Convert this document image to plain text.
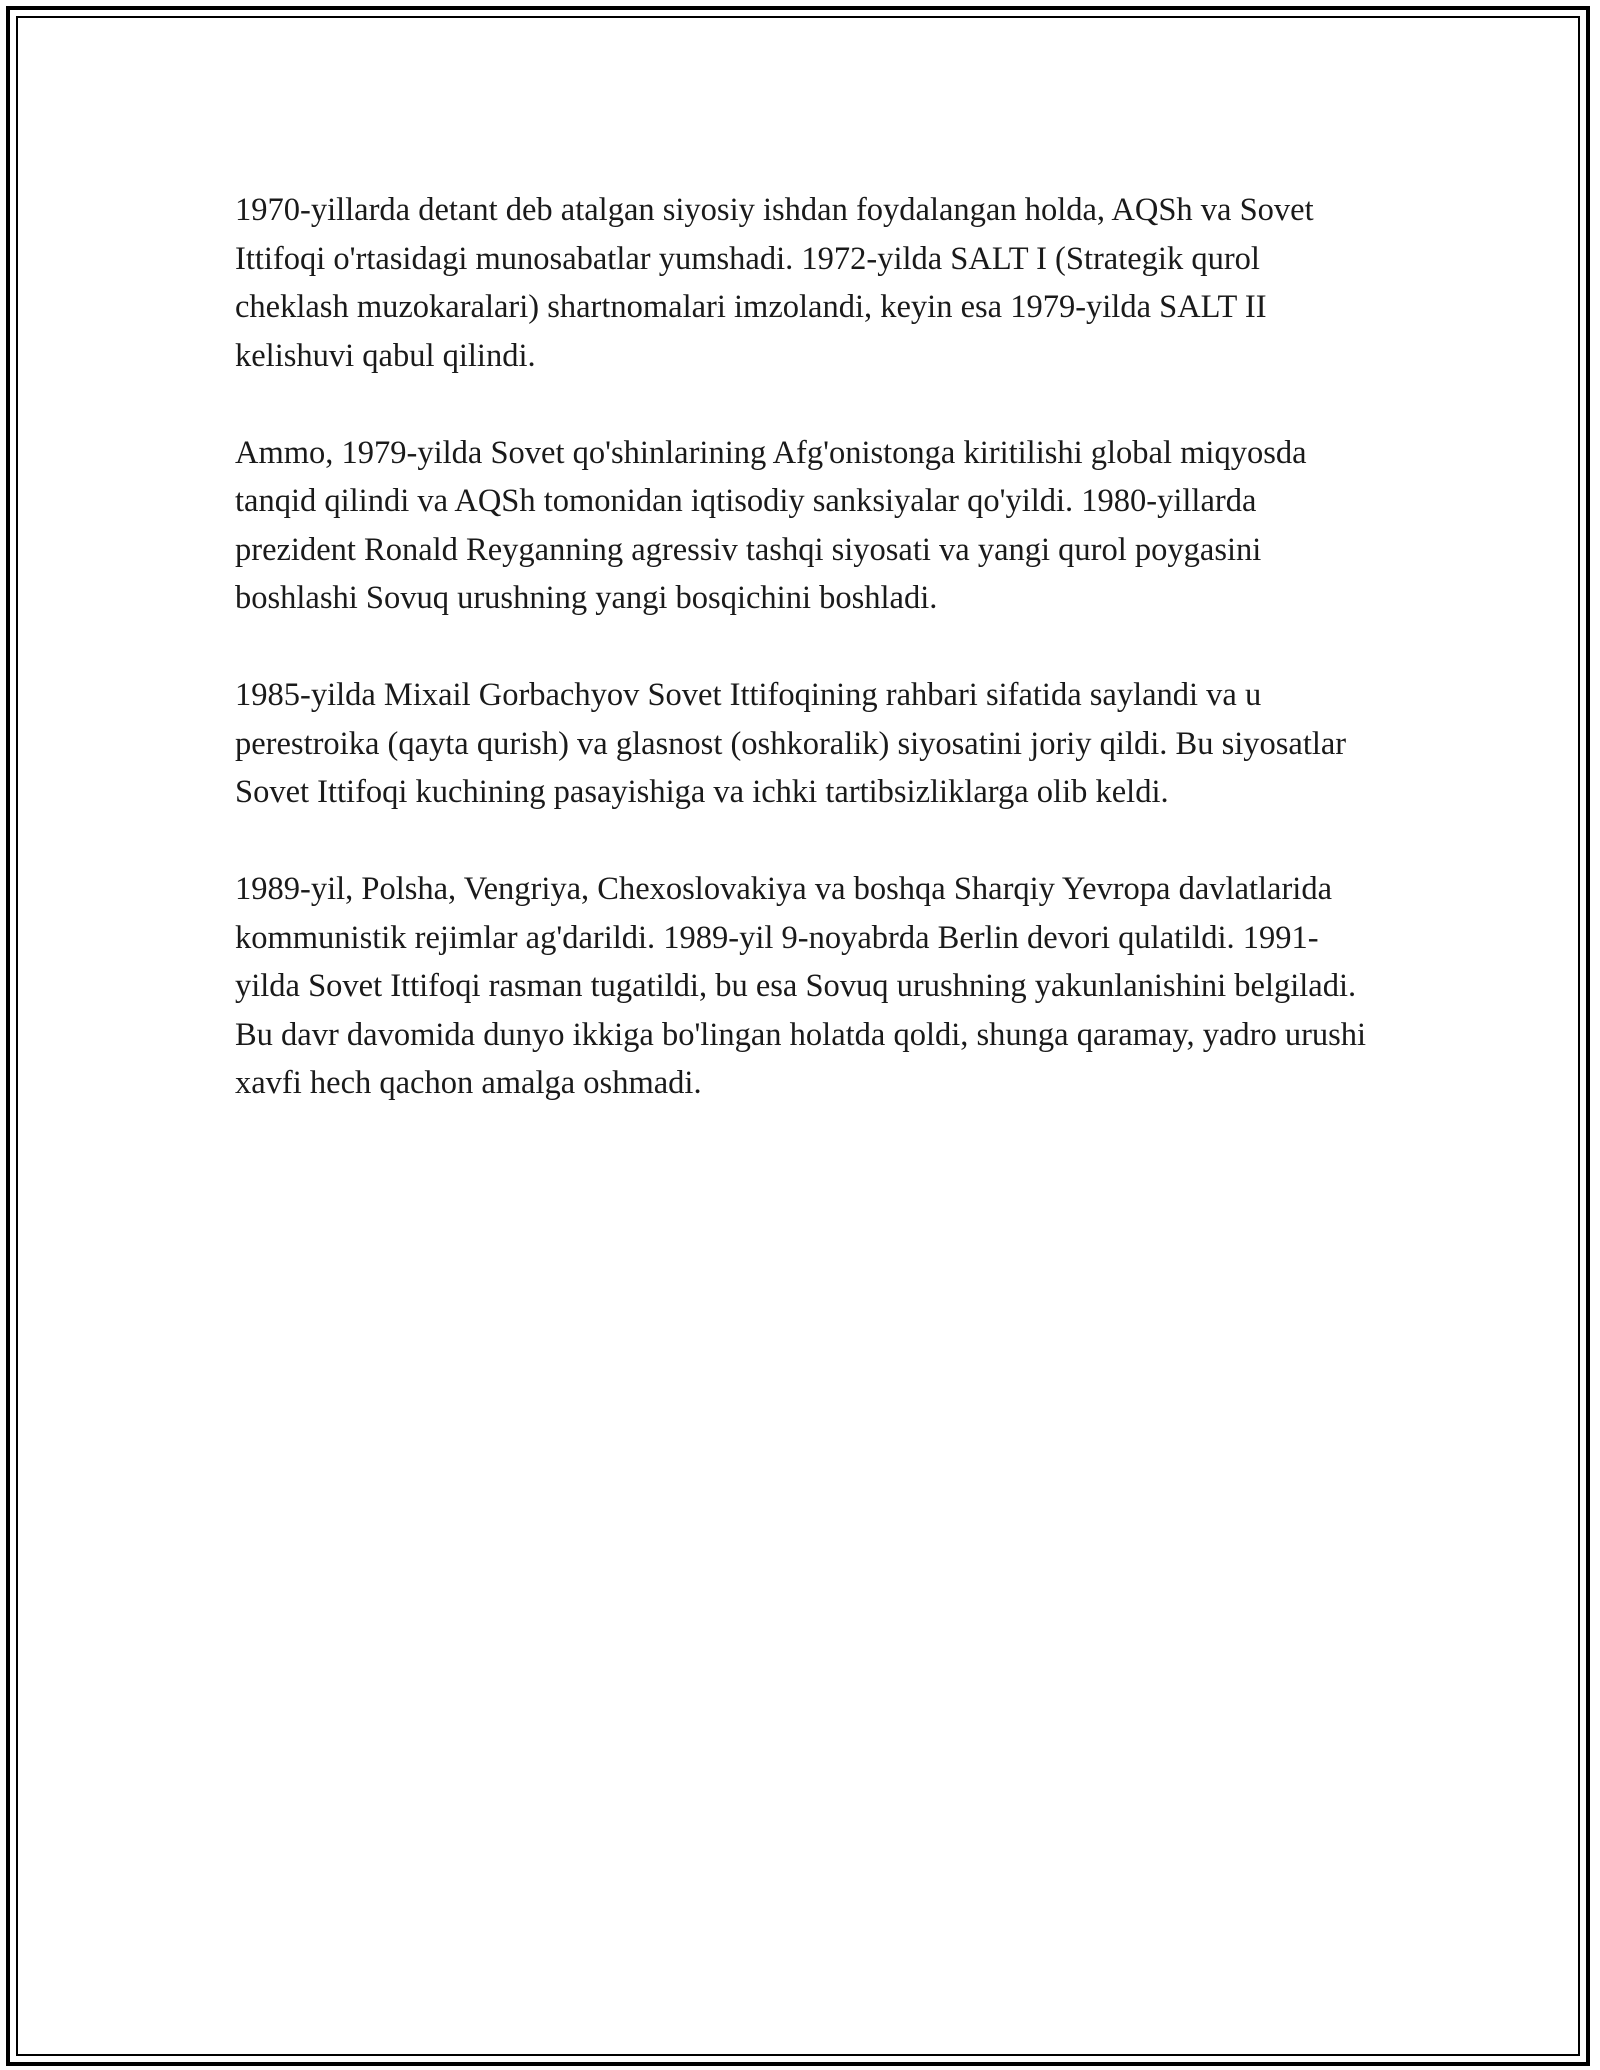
1970-yillarda detant deb atalgan siyosiy ishdan foydalangan holda, AQSh va Sovet Ittifoqi o'rtasidagi munosabatlar yumshadi. 1972-yilda SALT I (Strategik qurol cheklash muzokaralari) shartnomalari imzolandi, keyin esa 1979-yilda SALT II kelishuvi qabul qilindi.

Ammo, 1979-yilda Sovet qo'shinlarining Afg'onistonga kiritilishi global miqyosda tanqid qilindi va AQSh tomonidan iqtisodiy sanksiyalar qo'yildi. 1980-yillarda prezident Ronald Reyganning agressiv tashqi siyosati va yangi qurol poygasini boshlashi Sovuq urushning yangi bosqichini boshladi.

1985-yilda Mixail Gorbachyov Sovet Ittifoqining rahbari sifatida saylandi va u perestroika (qayta qurish) va glasnost (oshkoralik) siyosatini joriy qildi. Bu siyosatlar Sovet Ittifoqi kuchining pasayishiga va ichki tartibsizliklarga olib keldi.

1989-yil, Polsha, Vengriya, Chexoslovakiya va boshqa Sharqiy Yevropa davlatlarida kommunistik rejimlar ag'darildi. 1989-yil 9-noyabrda Berlin devori qulatildi. 1991-yilda Sovet Ittifoqi rasman tugatildi, bu esa Sovuq urushning yakunlanishini belgiladi. Bu davr davomida dunyo ikkiga bo'lingan holatda qoldi, shunga qaramay, yadro urushi xavfi hech qachon amalga oshmadi.
